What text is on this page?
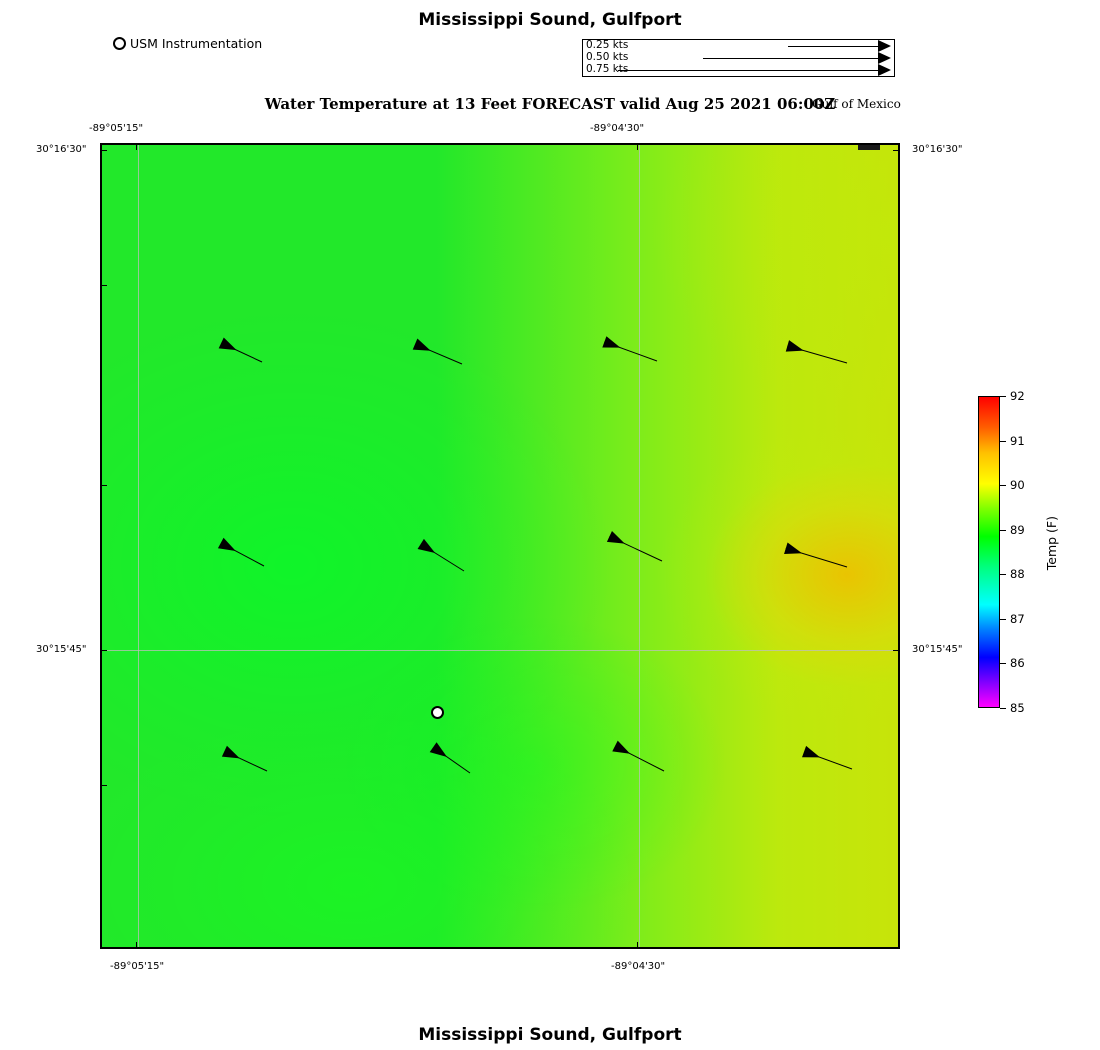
Mississippi Sound, Gulfport
Water Temperature at 13 Feet FORECAST valid Aug 25 2021 06:00Z
Gulf of Mexico
Mississippi Sound, Gulfport
USM Instrumentation	0.25 kts
0.50 kts
0.75 kts
-89°05'15"	-89°04'30"
-89°05'15"	-89°04'30"
30°16'30"
30°15'45"
30°16'30"
30°15'45"
Temp (F)
92
91
90
89
88
87
86
85
